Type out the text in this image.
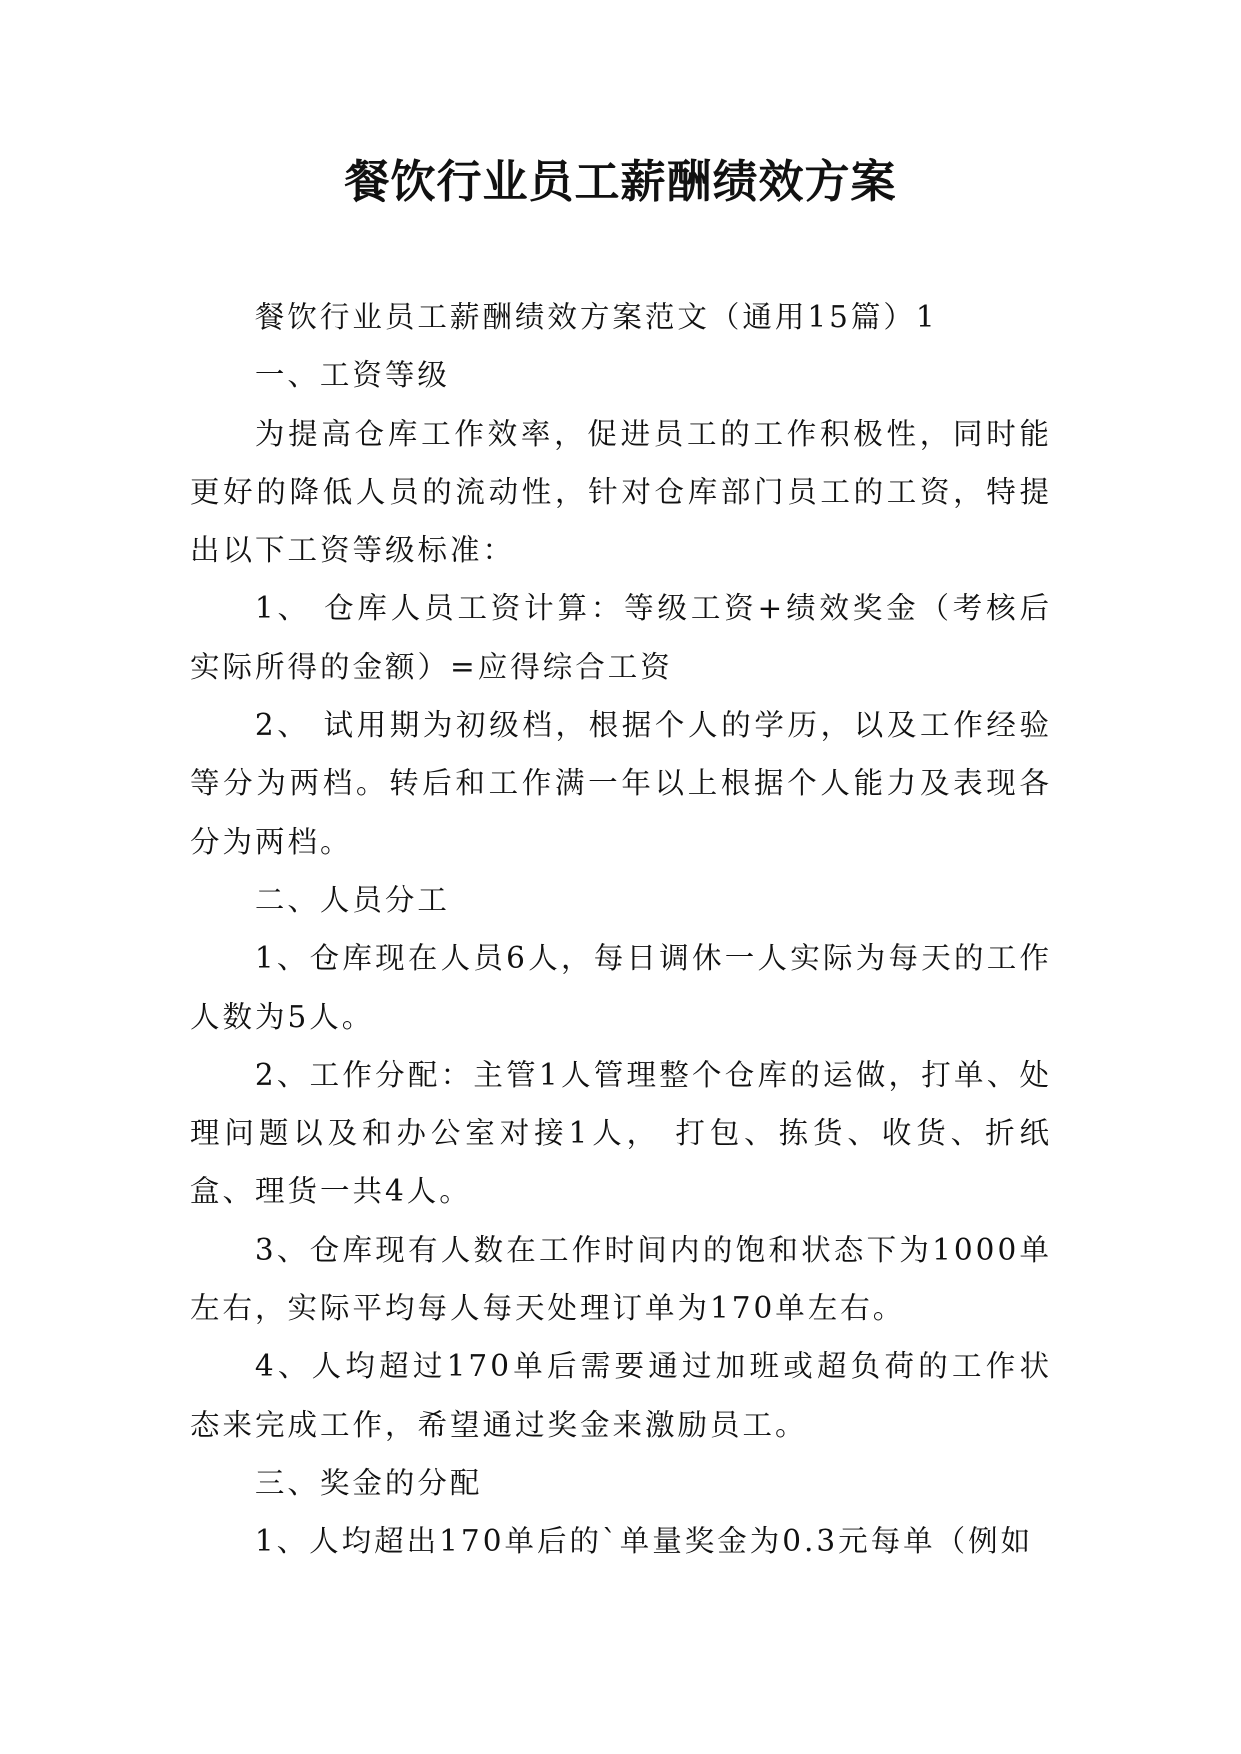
餐饮行业员工薪酬绩效方案

餐饮行业员工薪酬绩效方案范文（通用15篇）1

一、工资等级

为提高仓库工作效率，促进员工的工作积极性，同时能更好的降低人员的流动性，针对仓库部门员工的工资，特提出以下工资等级标准：

1、 仓库人员工资计算：等级工资+绩效奖金（考核后实际所得的金额）=应得综合工资

2、 试用期为初级档，根据个人的学历，以及工作经验等分为两档。转后和工作满一年以上根据个人能力及表现各分为两档。

二、人员分工

1、仓库现在人员6人，每日调休一人实际为每天的工作人数为5人。

2、工作分配：主管1人管理整个仓库的运做，打单、处理问题以及和办公室对接1人， 打包、拣货、收货、折纸盒、理货一共4人。

3、仓库现有人数在工作时间内的饱和状态下为1000单左右，实际平均每人每天处理订单为170单左右。

4、人均超过170单后需要通过加班或超负荷的工作状态来完成工作，希望通过奖金来激励员工。

三、奖金的分配

1、人均超出170单后的`单量奖金为0.3元每单（例如
